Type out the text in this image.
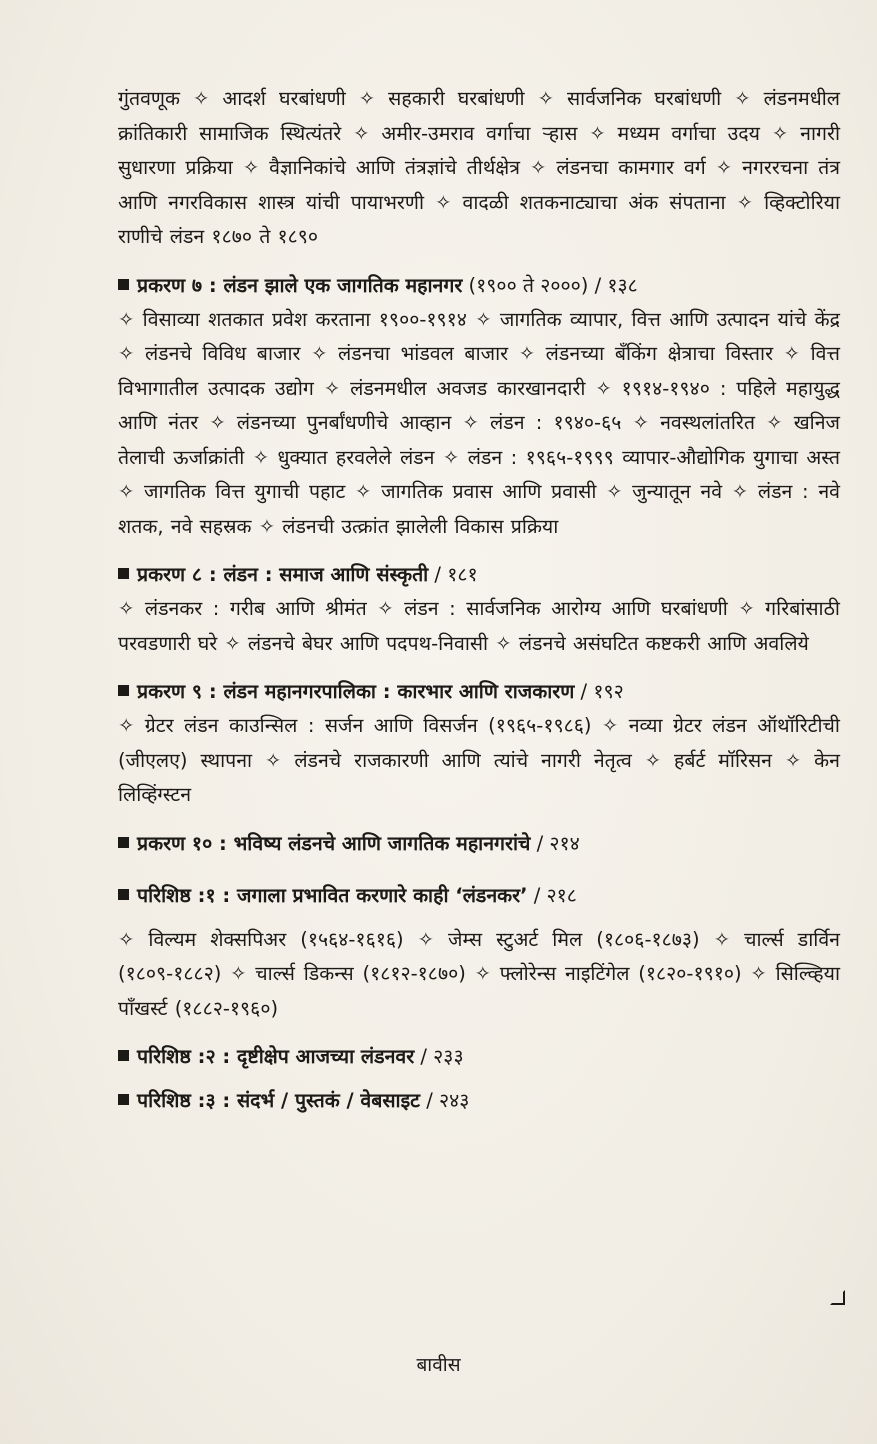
गुंतवणूक ✧ आदर्श घरबांधणी ✧ सहकारी घरबांधणी ✧ सार्वजनिक घरबांधणी ✧ लंडनमधील क्रांतिकारी सामाजिक स्थित्यंतरे ✧ अमीर-उमराव वर्गाचा ऱ्हास ✧ मध्यम वर्गाचा उदय ✧ नागरी सुधारणा प्रक्रिया ✧ वैज्ञानिकांचे आणि तंत्रज्ञांचे तीर्थक्षेत्र ✧ लंडनचा कामगार वर्ग ✧ नगररचना तंत्र आणि नगरविकास शास्त्र यांची पायाभरणी ✧ वादळी शतकनाट्याचा अंक संपताना ✧ व्हिक्टोरिया राणीचे लंडन १८७० ते १८९०

प्रकरण ७ : लंडन झाले एक जागतिक महानगर (१९०० ते २०००) / १३८

✧ विसाव्या शतकात प्रवेश करताना १९००-१९१४ ✧ जागतिक व्यापार, वित्त आणि उत्पादन यांचे केंद्र ✧ लंडनचे विविध बाजार ✧ लंडनचा भांडवल बाजार ✧ लंडनच्या बँकिंग क्षेत्राचा विस्तार ✧ वित्त विभागातील उत्पादक उद्योग ✧ लंडनमधील अवजड कारखानदारी ✧ १९१४-१९४० : पहिले महायुद्ध आणि नंतर ✧ लंडनच्या पुनर्बांधणीचे आव्हान ✧ लंडन : १९४०-६५ ✧ नवस्थलांतरित ✧ खनिज तेलाची ऊर्जाक्रांती ✧ धुक्यात हरवलेले लंडन ✧ लंडन : १९६५-१९९९ व्यापार-औद्योगिक युगाचा अस्त ✧ जागतिक वित्त युगाची पहाट ✧ जागतिक प्रवास आणि प्रवासी ✧ जुन्यातून नवे ✧ लंडन : नवे शतक, नवे सहस्रक ✧ लंडनची उत्क्रांत झालेली विकास प्रक्रिया

प्रकरण ८ : लंडन : समाज आणि संस्कृती / १८१

✧ लंडनकर : गरीब आणि श्रीमंत ✧ लंडन : सार्वजनिक आरोग्य आणि घरबांधणी ✧ गरिबांसाठी परवडणारी घरे ✧ लंडनचे बेघर आणि पदपथ-निवासी ✧ लंडनचे असंघटित कष्टकरी आणि अवलिये

प्रकरण ९ : लंडन महानगरपालिका : कारभार आणि राजकारण / १९२

✧ ग्रेटर लंडन काउन्सिल : सर्जन आणि विसर्जन (१९६५-१९८६) ✧ नव्या ग्रेटर लंडन ऑथॉरिटीची (जीएलए) स्थापना ✧ लंडनचे राजकारणी आणि त्यांचे नागरी नेतृत्व ✧ हर्बर्ट मॉरिसन ✧ केन लिव्हिंग्स्टन

प्रकरण १० : भविष्य लंडनचे आणि जागतिक महानगरांचे / २१४
परिशिष्ठ :१ : जगाला प्रभावित करणारे काही ‘लंडनकर’ / २१८

✧ विल्यम शेक्सपिअर (१५६४-१६१६) ✧ जेम्स स्टुअर्ट मिल (१८०६-१८७३) ✧ चार्ल्स डार्विन (१८०९-१८८२) ✧ चार्ल्स डिकन्स (१८१२-१८७०) ✧ फ्लोरेन्स नाइटिंगेल (१८२०-१९१०) ✧ सिल्व्हिया पॉंखर्स्ट (१८८२-१९६०)

परिशिष्ठ :२ : दृष्टीक्षेप आजच्या लंडनवर / २३३
परिशिष्ठ :३ : संदर्भ / पुस्तकं / वेबसाइट / २४३
बावीस
